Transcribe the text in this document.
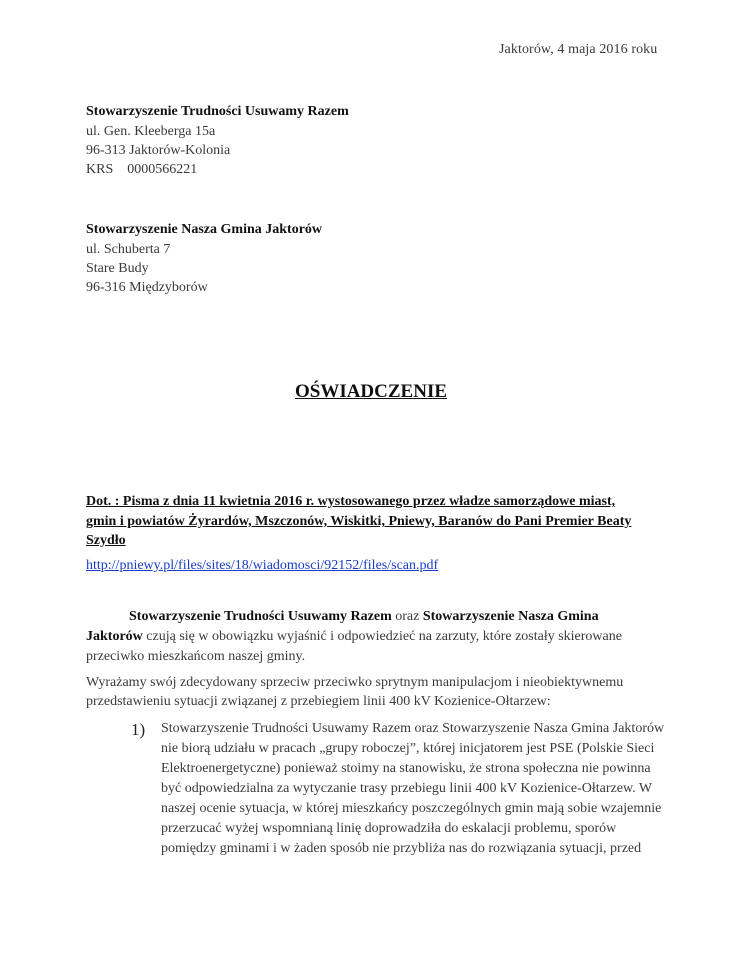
Jaktorów, 4 maja 2016 roku
Stowarzyszenie Trudności Usuwamy Razem
ul. Gen. Kleeberga 15a
96-313 Jaktorów-Kolonia
KRS    0000566221
Stowarzyszenie Nasza Gmina Jaktorów
ul. Schuberta 7
Stare Budy
96-316 Międzyborów
OŚWIADCZENIE
Dot. : Pisma z dnia 11 kwietnia 2016 r. wystosowanego przez władze samorządowe miast,
gmin i powiatów Żyrardów, Mszczonów, Wiskitki, Pniewy, Baranów do Pani Premier Beaty
Szydło
http://pniewy.pl/files/sites/18/wiadomosci/92152/files/scan.pdf
Stowarzyszenie Trudności Usuwamy Razem oraz Stowarzyszenie Nasza Gmina
Jaktorów czują się w obowiązku wyjaśnić i odpowiedzieć na zarzuty, które zostały skierowane
przeciwko mieszkańcom naszej gminy.
Wyrażamy swój zdecydowany sprzeciw przeciwko sprytnym manipulacjom i nieobiektywnemu
przedstawieniu sytuacji związanej z przebiegiem linii 400 kV Kozienice-Ołtarzew:
1) Stowarzyszenie Trudności Usuwamy Razem oraz Stowarzyszenie Nasza Gmina Jaktorów
nie biorą udziału w pracach „grupy roboczej”, której inicjatorem jest PSE (Polskie Sieci
Elektroenergetyczne) ponieważ stoimy na stanowisku, że strona społeczna nie powinna
być odpowiedzialna za wytyczanie trasy przebiegu linii 400 kV Kozienice-Ołtarzew. W
naszej ocenie sytuacja, w której mieszkańcy poszczególnych gmin mają sobie wzajemnie
przerzucać wyżej wspomnianą linię doprowadziła do eskalacji problemu, sporów
pomiędzy gminami i w żaden sposób nie przybliża nas do rozwiązania sytuacji, przed
